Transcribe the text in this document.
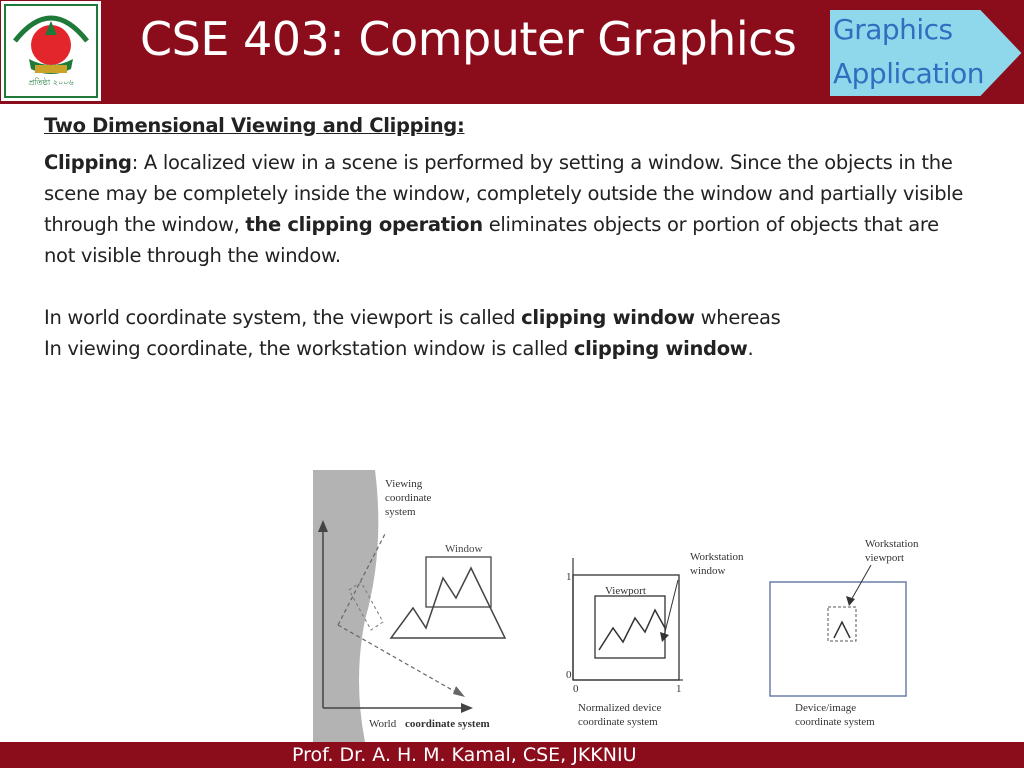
প্রতিষ্ঠা ২০০৬
CSE 403: Computer Graphics Graphics
Application
Two Dimensional Viewing and Clipping:

Clipping: A localized view in a scene is performed by setting a window. Since the objects in the scene may be completely inside the window, completely outside the window and partially visible through the window, the clipping operation eliminates objects or portion of objects that are not visible through the window.

In world coordinate system, the viewport is called clipping window whereas

In viewing coordinate, the workstation window is called clipping window.

Viewing
coordinate
system
Window
World coordinate system
Viewport
Workstation
window
1
0
0	1
Normalized device
coordinate system
Workstation
viewport
Device/image
coordinate system
Prof. Dr. A. H. M. Kamal, CSE, JKKNIU
